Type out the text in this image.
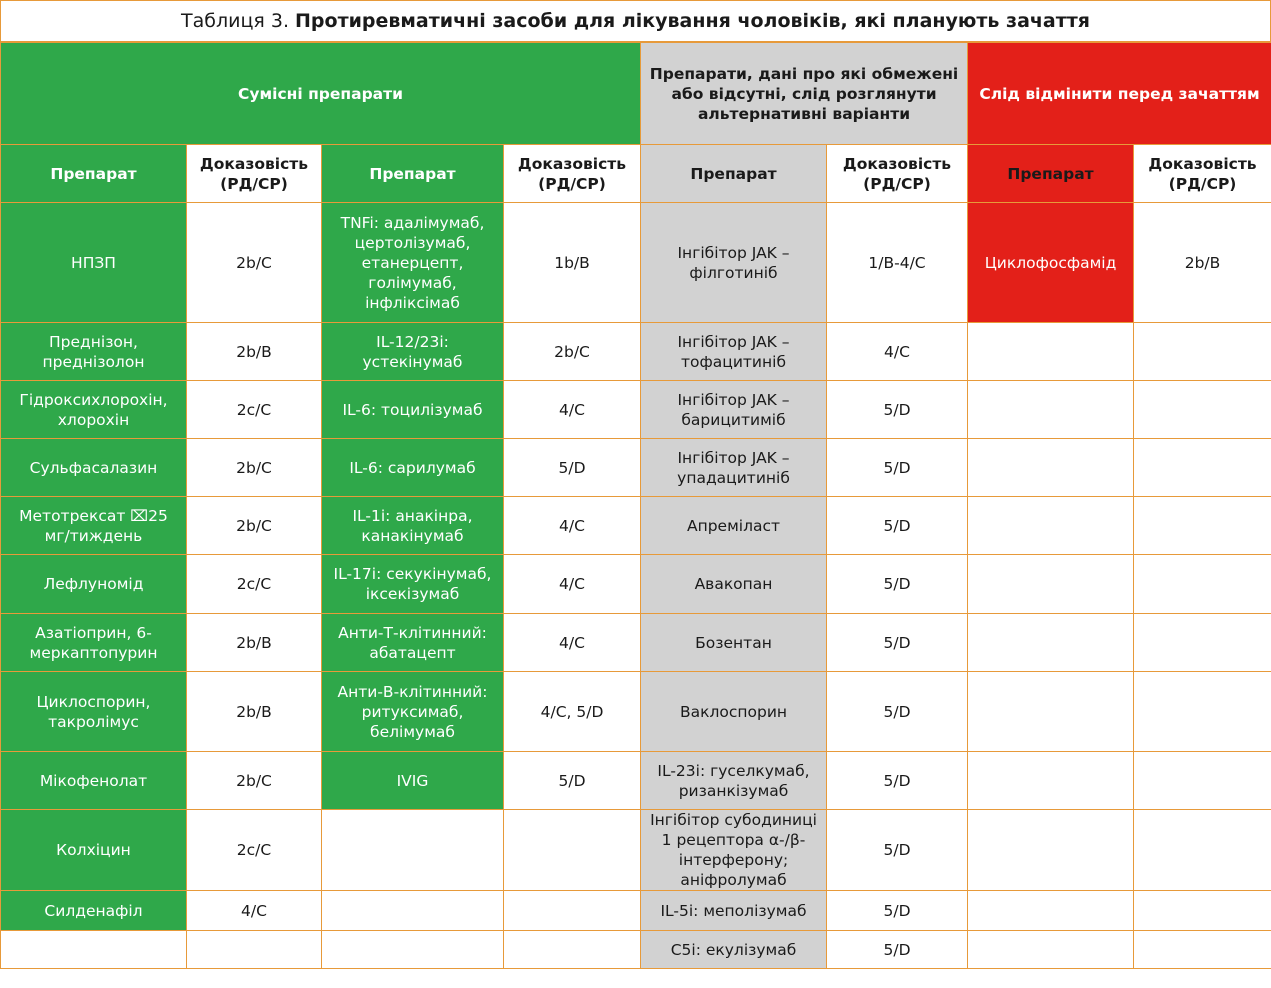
Таблиця 3. Протиревматичні засоби для лікування чоловіків, які планують зачаття
Сумісні препарати				Препарати, дані про які обмежені або відсутні, слід розглянути альтернативні варіанти		Слід відмінити перед зачаттям	
Препарат	Доказовість (РД/СР)	Препарат	Доказовість (РД/СР)	Препарат	Доказовість (РД/СР)	Препарат	Доказовість (РД/СР)
НПЗП	2b/C	TNFi: адалімумаб, цертолізумаб, етанерцепт, голімумаб, інфліксімаб	1b/B	Інгібітор JAK – філготиніб	1/B-4/C	Циклофосфамід	2b/B
Преднізон, преднізолон	2b/B	IL-12/23i: устекінумаб	2b/C	Інгібітор JAK – тофацитиніб	4/C		
Гідроксихлорохін, хлорохін	2c/C	IL-6: тоцилізумаб	4/C	Інгібітор JAK – барицитиміб	5/D		
Сульфасалазин	2b/C	IL-6: сарилумаб	5/D	Інгібітор JAK – упадацитиніб	5/D		
Метотрексат ⌧25 мг/тиждень	2b/C	IL-1i: анакінра, канакінумаб	4/C	Апреміласт	5/D		
Лефлуномід	2c/C	IL-17i: секукінумаб, іксекізумаб	4/C	Авакопан	5/D		
Азатіоприн, 6-меркаптопурин	2b/B	Анти-Т-клітинний: абатацепт	4/C	Бозентан	5/D		
Циклоспорин, такролімус	2b/B	Анти-В-клітинний: ритуксимаб, белімумаб	4/C, 5/D	Ваклоспорин	5/D		
Мікофенолат	2b/C	IVIG	5/D	IL-23i: гуселкумаб, ризанкізумаб	5/D		
Колхіцин	2c/C			Інгібітор субодиниці 1 рецептора α-/β-інтерферону; аніфролумаб	5/D		
Силденафіл	4/C			IL-5i: меполізумаб	5/D		
				C5i: екулізумаб	5/D		
